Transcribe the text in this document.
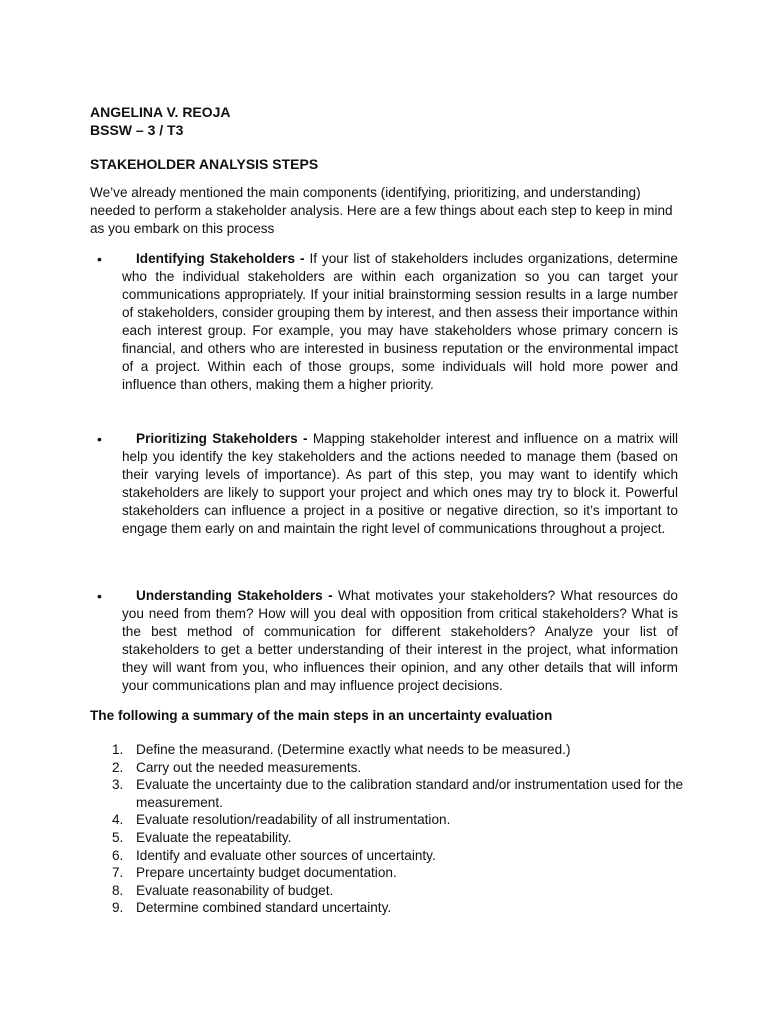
ANGELINA V. REOJA
BSSW – 3 / T3
STAKEHOLDER ANALYSIS STEPS

We’ve already mentioned the main components (identifying, prioritizing, and understanding) needed to perform a stakeholder analysis. Here are a few things about each step to keep in mind as you embark on this process

•	Identifying Stakeholders - If your list of stakeholders includes organizations, determine who the individual stakeholders are within each organization so you can target your communications appropriately. If your initial brainstorming session results in a large number of stakeholders, consider grouping them by interest, and then assess their importance within each interest group. For example, you may have stakeholders whose primary concern is financial, and others who are interested in business reputation or the environmental impact of a project. Within each of those groups, some individuals will hold more power and influence than others, making them a higher priority.

•	Prioritizing Stakeholders - Mapping stakeholder interest and influence on a matrix will help you identify the key stakeholders and the actions needed to manage them (based on their varying levels of importance). As part of this step, you may want to identify which stakeholders are likely to support your project and which ones may try to block it. Powerful stakeholders can influence a project in a positive or negative direction, so it’s important to engage them early on and maintain the right level of communications throughout a project.

•	Understanding Stakeholders - What motivates your stakeholders? What resources do you need from them? How will you deal with opposition from critical stakeholders? What is the best method of communication for different stakeholders? Analyze your list of stakeholders to get a better understanding of their interest in the project, what information they will want from you, who influences their opinion, and any other details that will inform your communications plan and may influence project decisions.

The following a summary of the main steps in an uncertainty evaluation
1. Define the measurand. (Determine exactly what needs to be measured.)
2. Carry out the needed measurements.
3. Evaluate the uncertainty due to the calibration standard and/or instrumentation used for the measurement.
4. Evaluate resolution/readability of all instrumentation.
5. Evaluate the repeatability.
6. Identify and evaluate other sources of uncertainty.
7. Prepare uncertainty budget documentation.
8. Evaluate reasonability of budget.
9. Determine combined standard uncertainty.
